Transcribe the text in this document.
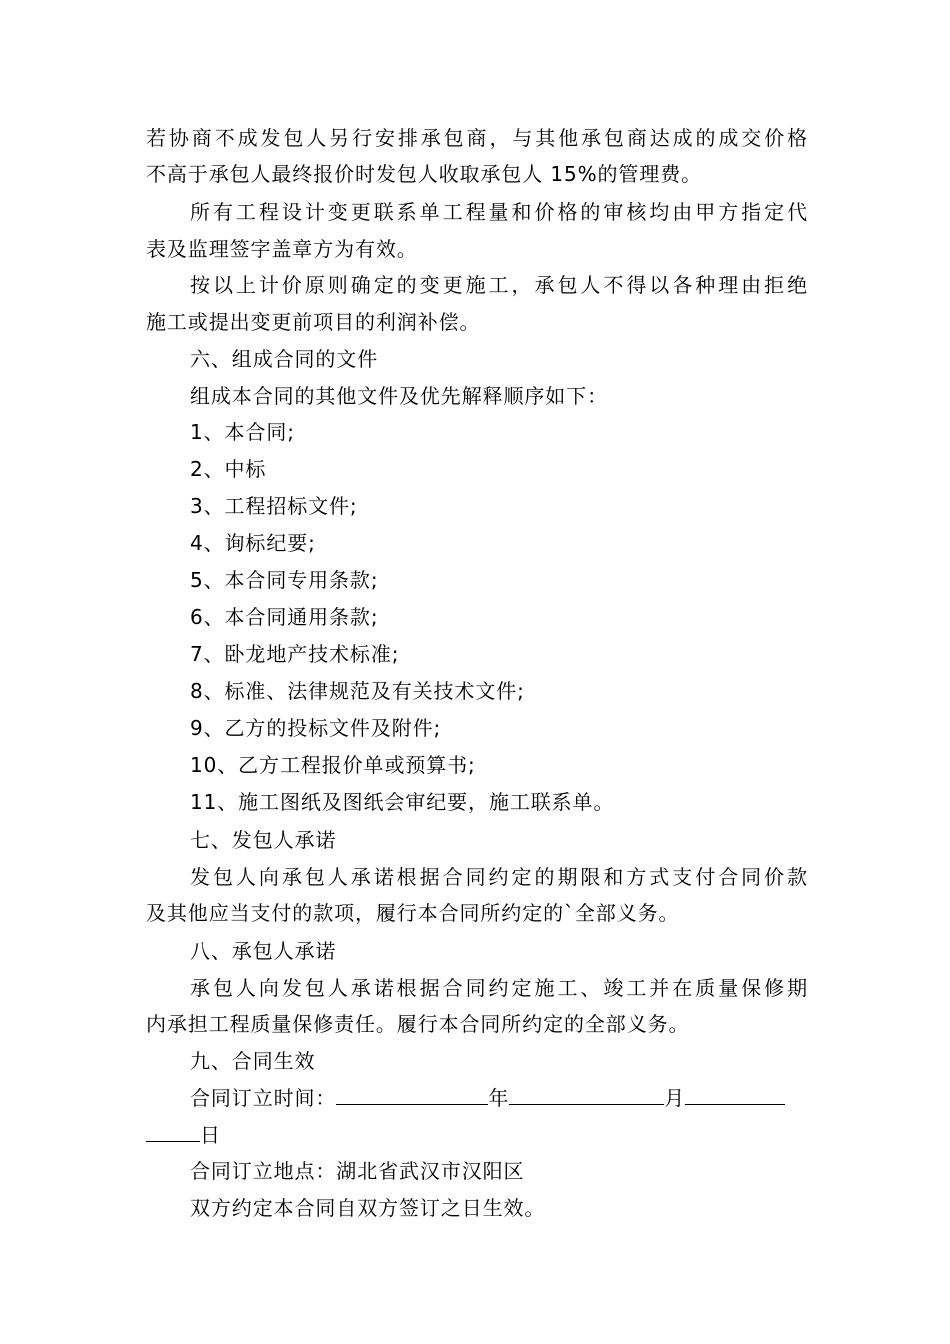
若协商不成发包人另行安排承包商，与其他承包商达成的成交价格
不高于承包人最终报价时发包人收取承包人 15%的管理费。
所有工程设计变更联系单工程量和价格的审核均由甲方指定代
表及监理签字盖章方为有效。
按以上计价原则确定的变更施工，承包人不得以各种理由拒绝
施工或提出变更前项目的利润补偿。
六、组成合同的文件
组成本合同的其他文件及优先解释顺序如下：
1、本合同;
2、中标
3、工程招标文件;
4、询标纪要;
5、本合同专用条款;
6、本合同通用条款;
7、卧龙地产技术标准;
8、标准、法律规范及有关技术文件;
9、乙方的投标文件及附件;
10、乙方工程报价单或预算书;
11、施工图纸及图纸会审纪要，施工联系单。
七、发包人承诺
发包人向承包人承诺根据合同约定的期限和方式支付合同价款
及其他应当支付的款项，履行本合同所约定的`全部义务。
八、承包人承诺
承包人向发包人承诺根据合同约定施工、竣工并在质量保修期
内承担工程质量保修责任。履行本合同所约定的全部义务。
九、合同生效
合同订立时间：	年	月
日
合同订立地点：湖北省武汉市汉阳区
双方约定本合同自双方签订之日生效。
